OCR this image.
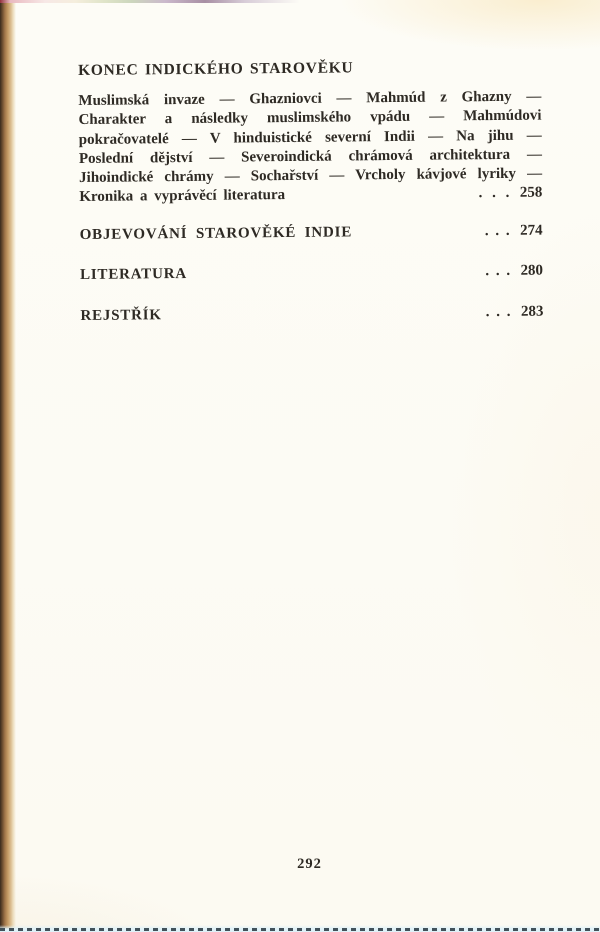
KONEC INDICKÉHO STAROVĚKU
Muslimská invaze — Ghazniovci — Mahmúd z Ghazny —
Charakter a následky muslimského vpádu — Mahmúdovi
pokračovatelé — V hinduistické severní Indii — Na jihu —
Poslední dějství — Severoindická chrámová architektura —
Jihoindické chrámy — Sochařství — Vrcholy kávjové lyriky —
Kronika a vyprávěcí literatura	. . . 258
OBJEVOVÁNÍ STAROVĚKÉ INDIE	. . . 274
LITERATURA	. . . 280
REJSTŘÍK	. . . 283
292
